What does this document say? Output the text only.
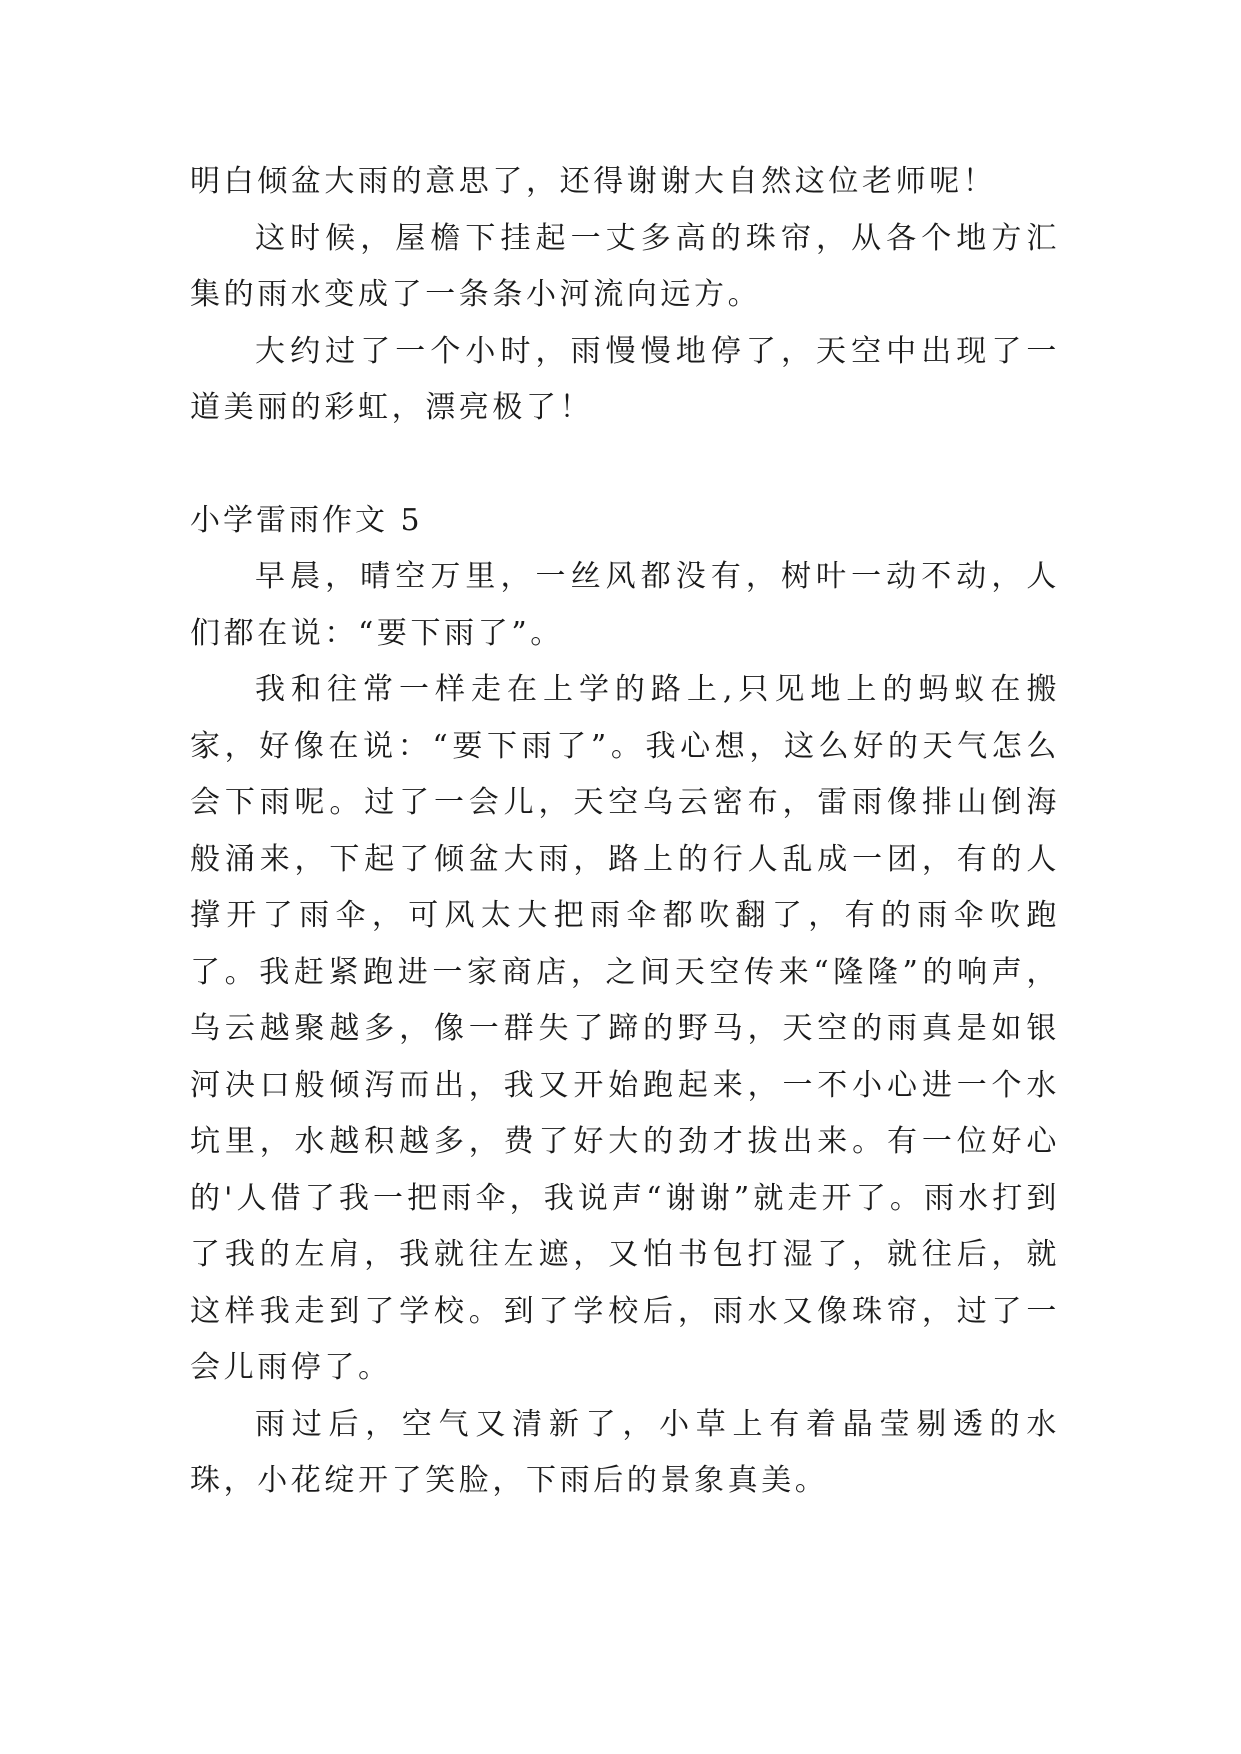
明白倾盆大雨的意思了，还得谢谢大自然这位老师呢！

这时候，屋檐下挂起一丈多高的珠帘，从各个地方汇集的雨水变成了一条条小河流向远方。

大约过了一个小时，雨慢慢地停了，天空中出现了一道美丽的彩虹，漂亮极了！

小学雷雨作文 5

早晨，晴空万里，一丝风都没有，树叶一动不动，人们都在说：“要下雨了”。

我和往常一样走在上学的路上,只见地上的蚂蚁在搬家，好像在说：“要下雨了”。我心想，这么好的天气怎么会下雨呢。过了一会儿，天空乌云密布，雷雨像排山倒海般涌来，下起了倾盆大雨，路上的行人乱成一团，有的人撑开了雨伞，可风太大把雨伞都吹翻了，有的雨伞吹跑了。我赶紧跑进一家商店，之间天空传来“隆隆”的响声，乌云越聚越多，像一群失了蹄的野马，天空的雨真是如银河决口般倾泻而出，我又开始跑起来，一不小心进一个水坑里，水越积越多，费了好大的劲才拔出来。有一位好心的'人借了我一把雨伞，我说声“谢谢”就走开了。雨水打到了我的左肩，我就往左遮，又怕书包打湿了，就往后，就这样我走到了学校。到了学校后，雨水又像珠帘，过了一会儿雨停了。

雨过后，空气又清新了，小草上有着晶莹剔透的水珠，小花绽开了笑脸，下雨后的景象真美。
